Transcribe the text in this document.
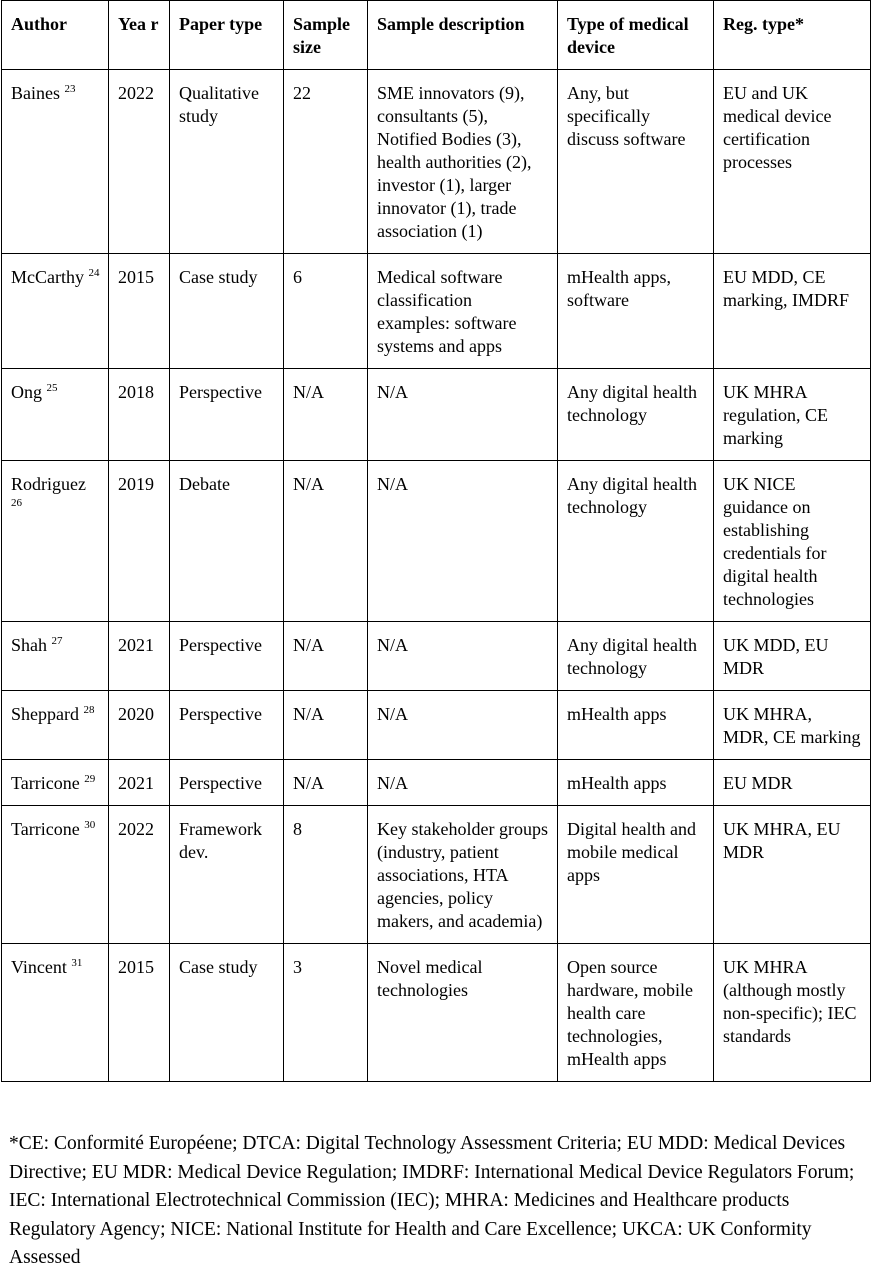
Author	Yea r	Paper type	Sample size	Sample description	Type of medical device	Reg. type*
Baines $^{23}$	2022	Qualitative study	22	SME innovators (9), consultants (5), Notified Bodies (3), health authorities (2), investor (1), larger innovator (1), trade association (1)	Any, but specifically discuss software	EU and UK medical device certification processes
McCarthy $^{24}$	2015	Case study	6	Medical software classification examples: software systems and apps	mHealth apps, software	EU MDD, CE marking, IMDRF
Ong $^{25}$	2018	Perspective	N/A	N/A	Any digital health technology	UK MHRA regulation, CE marking
Rodriguez $^{26}$	2019	Debate	N/A	N/A	Any digital health technology	UK NICE guidance on establishing credentials for digital health technologies
Shah $^{27}$	2021	Perspective	N/A	N/A	Any digital health technology	UK MDD, EU MDR
Sheppard $^{28}$	2020	Perspective	N/A	N/A	mHealth apps	UK MHRA, MDR, CE marking
Tarricone $^{29}$	2021	Perspective	N/A	N/A	mHealth apps	EU MDR
Tarricone $^{30}$	2022	Framework dev.	8	Key stakeholder groups (industry, patient associations, HTA agencies, policy makers, and academia)	Digital health and mobile medical apps	UK MHRA, EU MDR
Vincent $^{31}$	2015	Case study	3	Novel medical technologies	Open source hardware, mobile health care technologies, mHealth apps	UK MHRA (although mostly non-specific); IEC standards

*CE: Conformité Européene; DTCA: Digital Technology Assessment Criteria; EU MDD: Medical Devices Directive; EU MDR: Medical Device Regulation; IMDRF: International Medical Device Regulators Forum; IEC: International Electrotechnical Commission (IEC); MHRA: Medicines and Healthcare products Regulatory Agency; NICE: National Institute for Health and Care Excellence; UKCA: UK Conformity Assessed
